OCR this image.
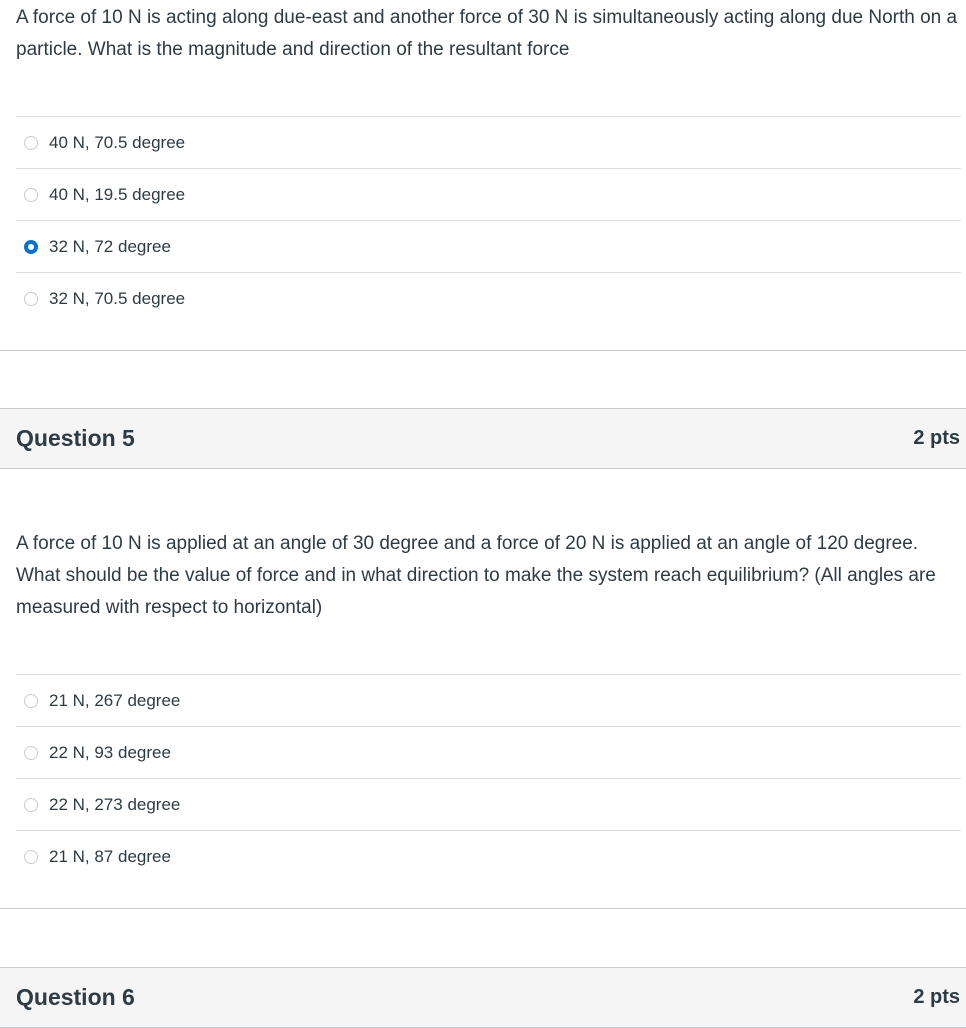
A force of 10 N is acting along due-east and another force of 30 N is simultaneously acting along due North on a particle. What is the magnitude and direction of the resultant force
40 N, 70.5 degree
40 N, 19.5 degree
32 N, 72 degree
32 N, 70.5 degree
Question 5	2 pts
A force of 10 N is applied at an angle of 30 degree and a force of 20 N is applied at an angle of 120 degree. What should be the value of force and in what direction to make the system reach equilibrium? (All angles are measured with respect to horizontal)
21 N, 267 degree
22 N, 93 degree
22 N, 273 degree
21 N, 87 degree
Question 6	2 pts
